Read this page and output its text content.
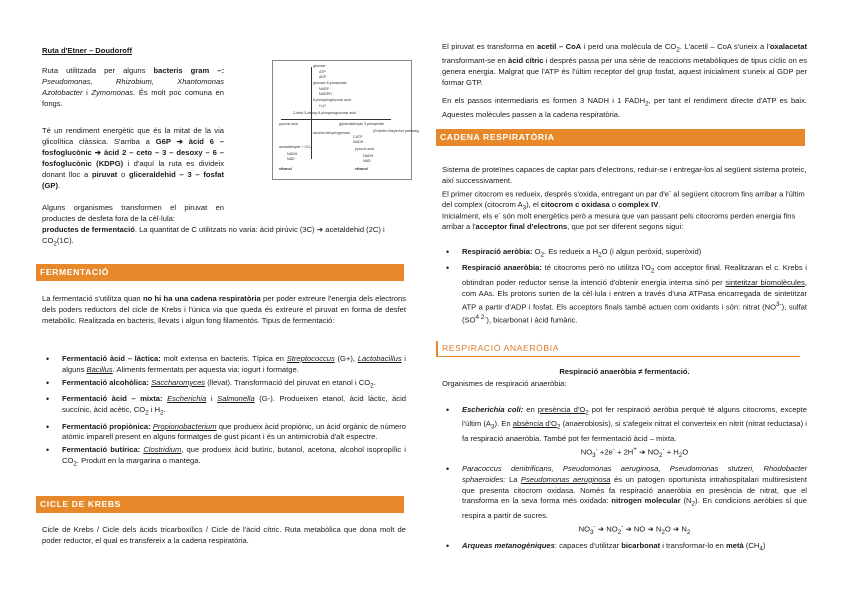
Ruta d'Etner – Doudoroff

Ruta utilitzada per alguns bacteris gram –: Pseudomonas, Rhizobium, Xhantomonas Azotobacter i Zymomonas. És molt poc comuna en fongs.

Té un rendiment energètic que és la mitat de la via glicolítica clàssica. S'arriba a G6P ➔ àcid 6 – fosfoglucònic ➔ àcid 2 – ceto – 3 – desoxy – 6 – fosfoglucònic (KDPG) i d'aquí la ruta es divideix donant lloc a piruvat o gliceraldehid – 3 – fosfat (GP).

Alguns organismes transformen el piruvat en productes de desfeta fora de la cèl·lula:
productes de fermentació. La quantitat de C utilitzats no varia: àcid pirúvic (3C) ➔ acetaldehid (2C) i $CO_2(1C)$.

glucose
ATP
ADP
glucose-6-phosphate
NADP
NADPH
6-phosphogluconic acid
H₂O
2-keto-3-deoxy-6-phosphogluconic acid
pyruvic acid	glyceraldehyde 3-phosphate
(Embden-Meyerhof pathway)
2 ATP
NADH
alcohol dehydrogenase
acetaldehyde + CO₂
NADH
NAD
ethanol
pyruvic acid
NADH
NAD
ethanol
FERMENTACIÓ

La fermentació s'utilitza quan no hi ha una cadena respiratòria per poder extreure l'energia dels electrons dels poders reductors del cicle de Krebs i l'única via que queda és extreure el piruvat en forma de desfet metabòlic. Realitzada en bacteris, llevats i algun fong filamentós. Tipus de fermentació:

• Fermentació àcid – làctica: molt extensa en bacteris. Típica en Streptococcus (G+), Lactobacillus i alguns Bacillus. Aliments fermentats per aquesta via: iogurt i formatge.
• Fermentació alcohòlica: Saccharomyces (llevat). Transformació del piruvat en etanol i $CO_2$.
• Fermentació àcid – mixta: Escherichia i Salmonella (G-). Produeixen etanol, àcid làctic, àcid succínic, àcid acètic, $CO_2$ i $H_2$.
• Fermentació propiònica: Propionobacterium que produeix àcid propiònic, un àcid orgànic de número atòmic imparell present en alguns formatges de gust picant i és un antimicrobià d'alt espectre.
• Fermentació butírica: Clostridium, que produeix àcid butíric, butanol, acetona, alcohol isopropílic i $CO_2$. Produït en la margarina o mantega.
CICLE DE KREBS

Cicle de Krebs / Cicle dels àcids tricarboxílics / Cicle de l'àcid cítric. Ruta metabòlica que dona molt de poder reductor, el qual es transfereix a la cadena respiratòria.

El piruvat es transforma en acetil – CoA i perd una molècula de $CO_2$. L'acetil – CoA s'uneix a l'oxalacetat transformant-se en àcid cítric i després passa per una sèrie de reaccions metabòliques de tipus cíclic on es genera energia. Malgrat que l'ATP és l'últim receptor del grup fosfat, aquest inicialment s'uneix al GDP per formar GTP.

En els passos intermediaris es formen 3 NADH i 1 $FADH_2$, per tant el rendiment directe d'ATP es baix. Aquestes molècules passen a la cadena respiratòria.

CADENA RESPIRATÒRIA

Sistema de proteïnes capaces de captar pars d'electrons, reduir-se i entregar-los al següent sistema proteic, així successivament.

El primer citocrom es redueix, després s'oxida, entregant un par d'e- al següent citocrom fins arribar a l'últim del complex (citocrom $A_3$), el citocrom c oxidasa o complex IV.

Inicialment, els e- són molt energètics però a mesura que van passant pels citocroms perden energia fins arribar a l'acceptor final d'electrons, que pot ser diferent segons sigui:

• Respiració aeròbia: $O_2$. Es redueix a $H_2O$ (i algun peròxid, superòxid)
• Respiració anaeròbia: té citocroms però no utilitza $l'O_2$ com acceptor final. Realitzaran el c. Krebs i obtindran poder reductor sense la intenció d'obtenir energia interna sinó per sintetitzar biomolècules, com AAs. Els protons surten de la cèl·lula i entren a través d'una ATPasa encarregada de sintetitzar ATP a partir d'ADP i fosfat. Els acceptors finals també actuen com oxidants i són: nitrat $(NO^{3-})$, sulfat $(SO^{4 2-})$, bicarbonat i àcid fumàric.
RESPIRACIÓ ANAERÒBIA

Respiració anaeròbia ≠ fermentació.

Organismes de respiració anaeròbia:

• Escherichia coli: en presència $d'O_2$ pot fer respiració aeròbia perquè té alguns citocroms, excepte l'últim $(A_3)$. En absència $d'O_2$ (anaerobiosis), si s'afegeix nitrat el converteix en nitrit (nitrat reductasa) i fa respiració anaeròbia. També pot fer fermentació àcid – mixta.
$NO_3^- +2e^- + 2H^+$ ➔ $NO_2^- + H_2O$
• Paracoccus denitrificans, Pseudomonas aeruginosa, Pseudomonas stutzeri, Rhodobacter sphaeroides: La Pseudomonas aeruginosa és un patogen oportunista intrahospitalari multiresistent que presenta citocrom oxidasa. Només fa respiració anaeròbia en presència de nitrat, que el transforma en la seva forma més oxidada: nitrogen molecular $(N_2)$. En condicions aeròbies sí que respira a partir de sucres.
$NO_3^-$ ➔ $NO_2^-$ ➔ NO ➔ $N_2O$ ➔ $N_2$
• Arqueas metanogèniques: capaces d'utilitzar bicarbonat i transformar-lo en metà $(CH_4)$
